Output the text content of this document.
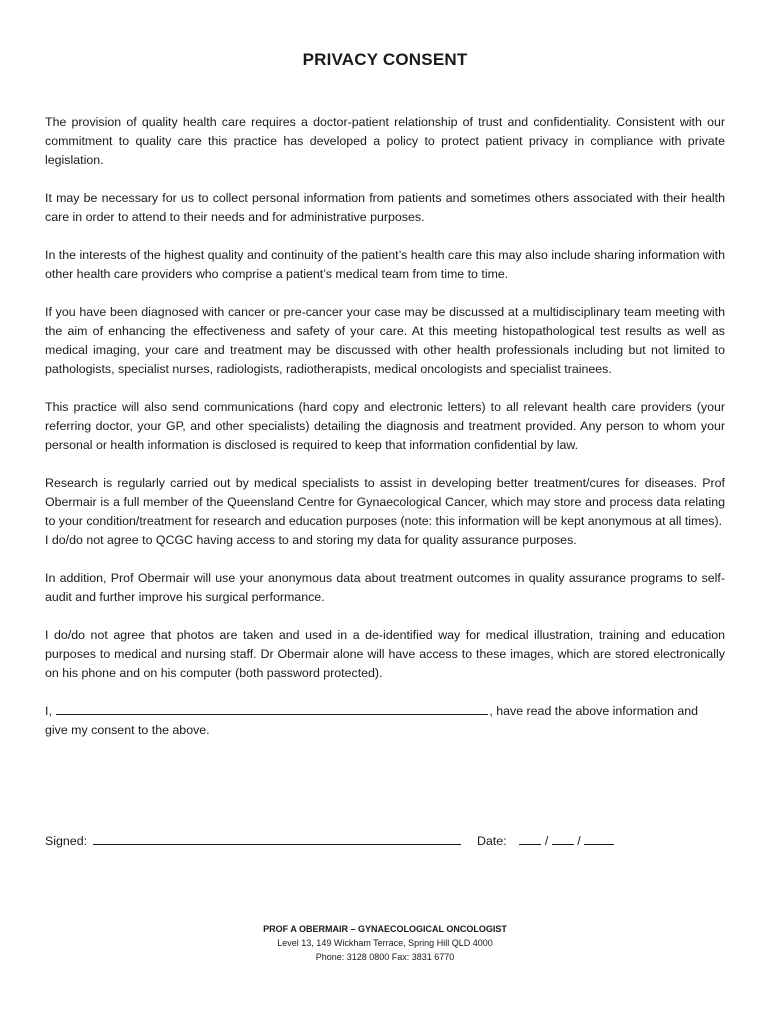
PRIVACY CONSENT

The provision of quality health care requires a doctor-patient relationship of trust and confidentiality. Consistent with our commitment to quality care this practice has developed a policy to protect patient privacy in compliance with private legislation.

It may be necessary for us to collect personal information from patients and sometimes others associated with their health care in order to attend to their needs and for administrative purposes.

In the interests of the highest quality and continuity of the patient’s health care this may also include sharing information with other health care providers who comprise a patient’s medical team from time to time.

If you have been diagnosed with cancer or pre-cancer your case may be discussed at a multidisciplinary team meeting with the aim of enhancing the effectiveness and safety of your care. At this meeting histopathological test results as well as medical imaging, your care and treatment may be discussed with other health professionals including but not limited to pathologists, specialist nurses, radiologists, radiotherapists, medical oncologists and specialist trainees.

This practice will also send communications (hard copy and electronic letters) to all relevant health care providers (your referring doctor, your GP, and other specialists) detailing the diagnosis and treatment provided. Any person to whom your personal or health information is disclosed is required to keep that information confidential by law.

Research is regularly carried out by medical specialists to assist in developing better treatment/cures for diseases. Prof Obermair is a full member of the Queensland Centre for Gynaecological Cancer, which may store and process data relating to your condition/treatment for research and education purposes (note: this information will be kept anonymous at all times).

I do/do not agree to QCGC having access to and storing my data for quality assurance purposes.

In addition, Prof Obermair will use your anonymous data about treatment outcomes in quality assurance programs to self-audit and further improve his surgical performance.

I do/do not agree that photos are taken and used in a de-identified way for medical illustration, training and education purposes to medical and nursing staff. Dr Obermair alone will have access to these images, which are stored electronically on his phone and on his computer (both password protected).

I,	, have read the above information and

give my consent to the above.

Signed:	Date:	/ /
PROF A OBERMAIR – GYNAECOLOGICAL ONCOLOGIST
Level 13, 149 Wickham Terrace, Spring Hill QLD 4000
Phone: 3128 0800 Fax: 3831 6770
